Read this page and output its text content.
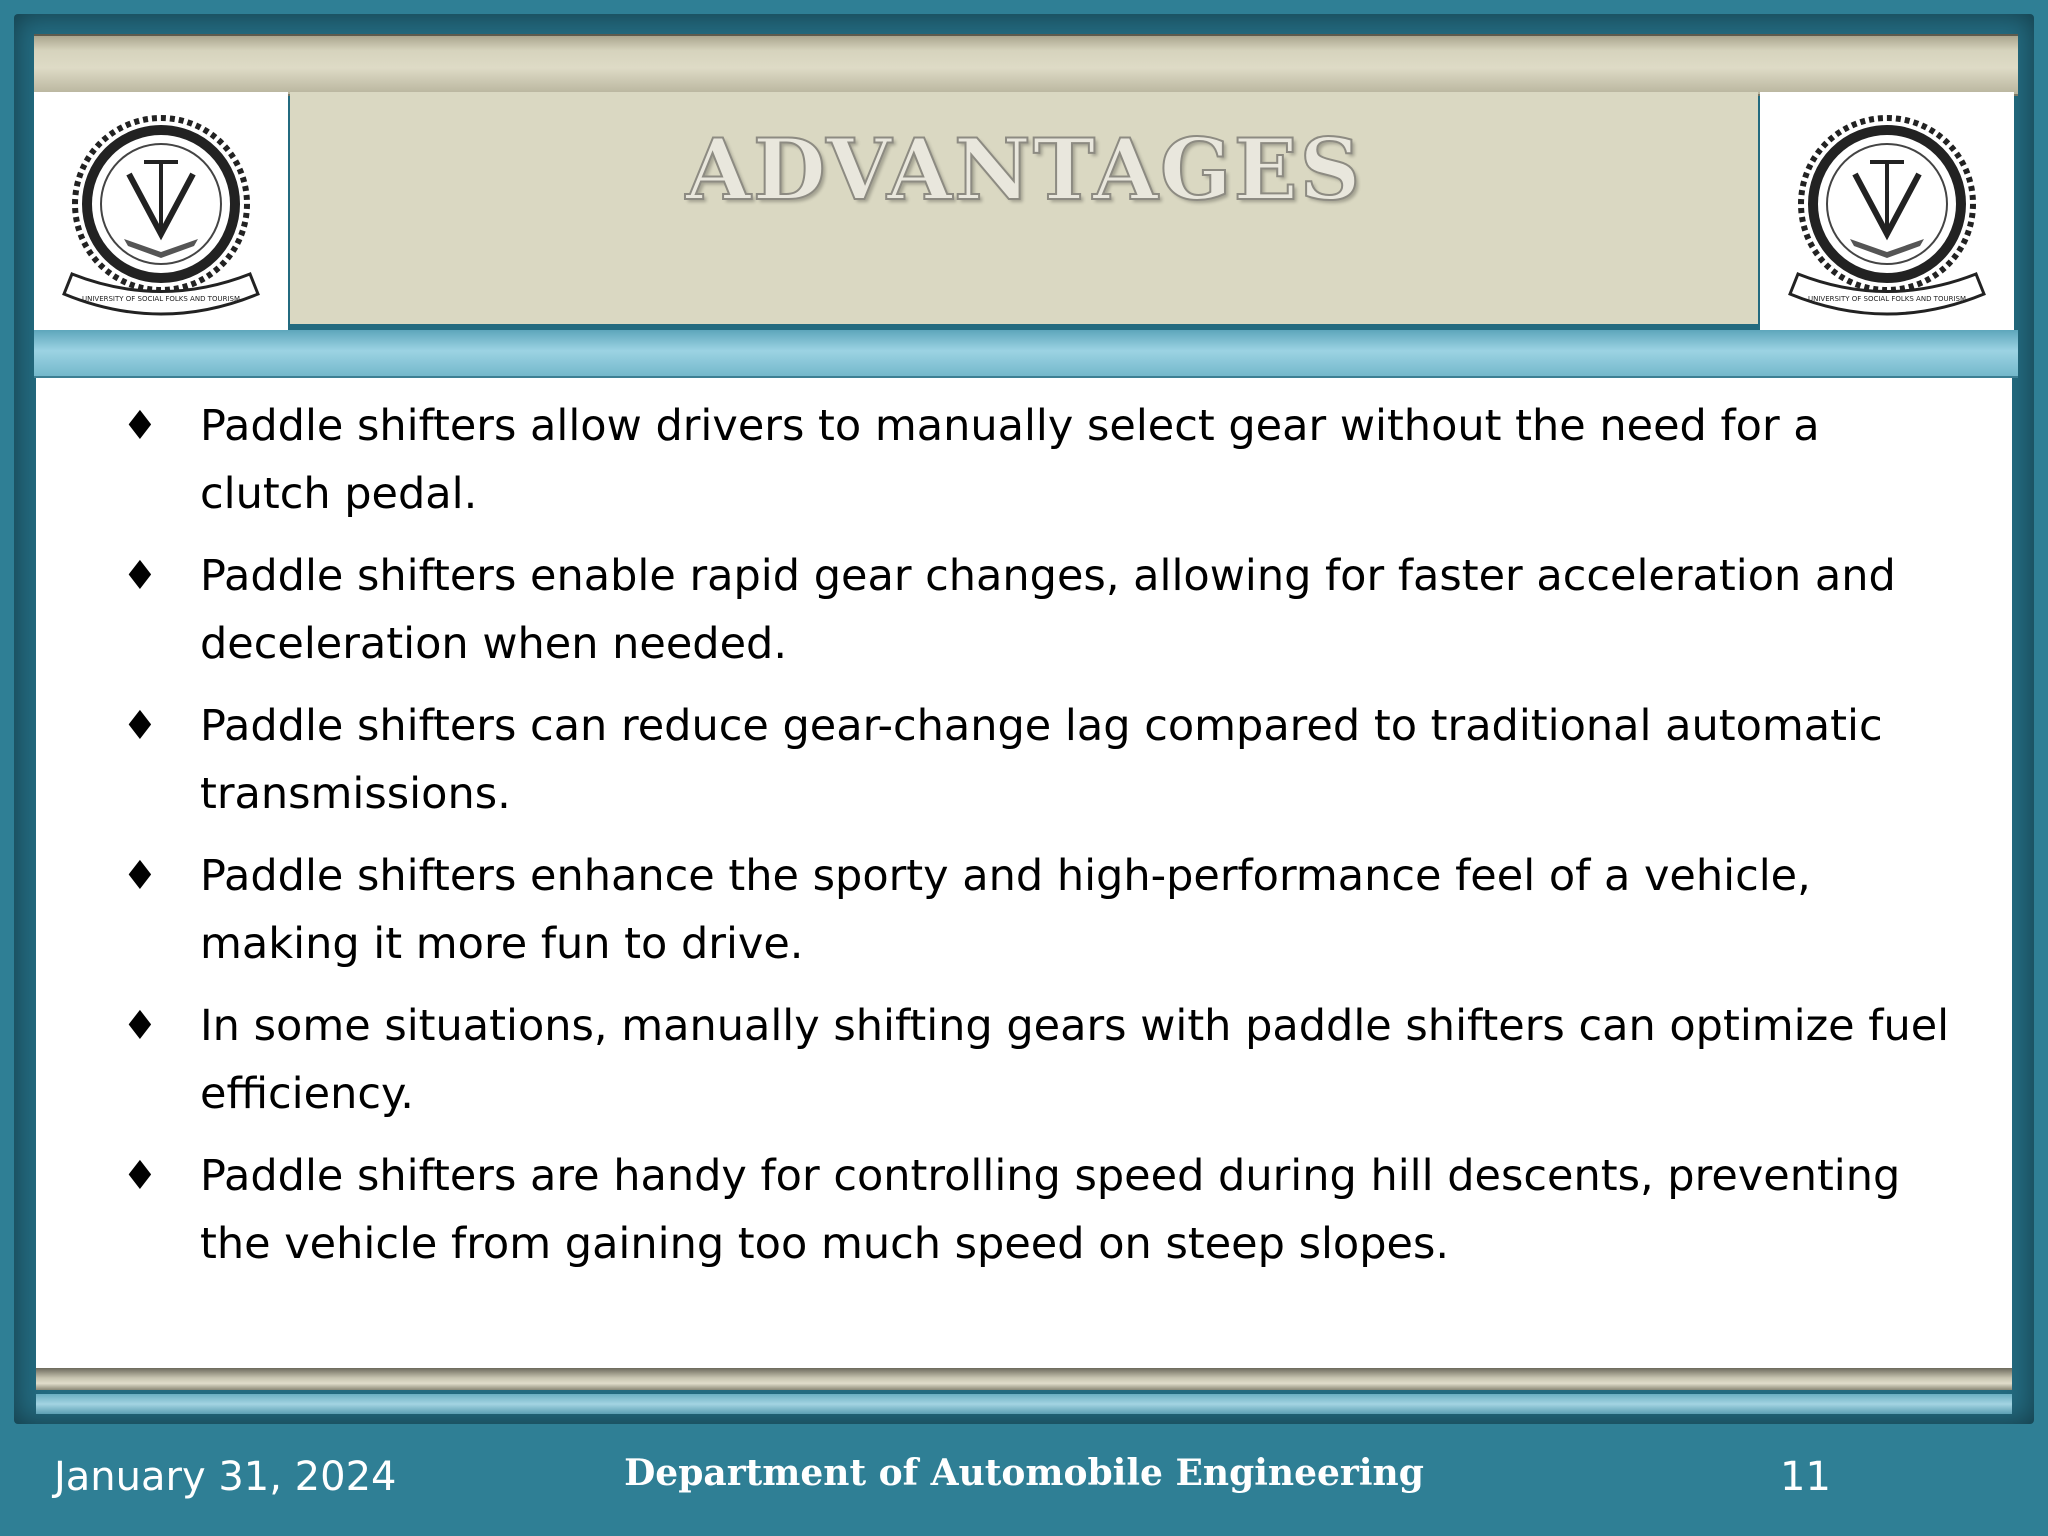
ADVANTAGES
UNIVERSITY OF SOCIAL FOLKS AND TOURISM	UNIVERSITY OF SOCIAL FOLKS AND TOURISM
♦ Paddle shifters allow drivers to manually select gear without the need for a clutch pedal.
♦ Paddle shifters enable rapid gear changes, allowing for faster acceleration and deceleration when needed.
♦ Paddle shifters can reduce gear-change lag compared to traditional automatic transmissions.
♦ Paddle shifters enhance the sporty and high-performance feel of a vehicle, making it more fun to drive.
♦ In some situations, manually shifting gears with paddle shifters can optimize fuel efficiency.
♦ Paddle shifters are handy for controlling speed during hill descents, preventing the vehicle from gaining too much speed on steep slopes.
January 31, 2024	Department of Automobile Engineering	11
